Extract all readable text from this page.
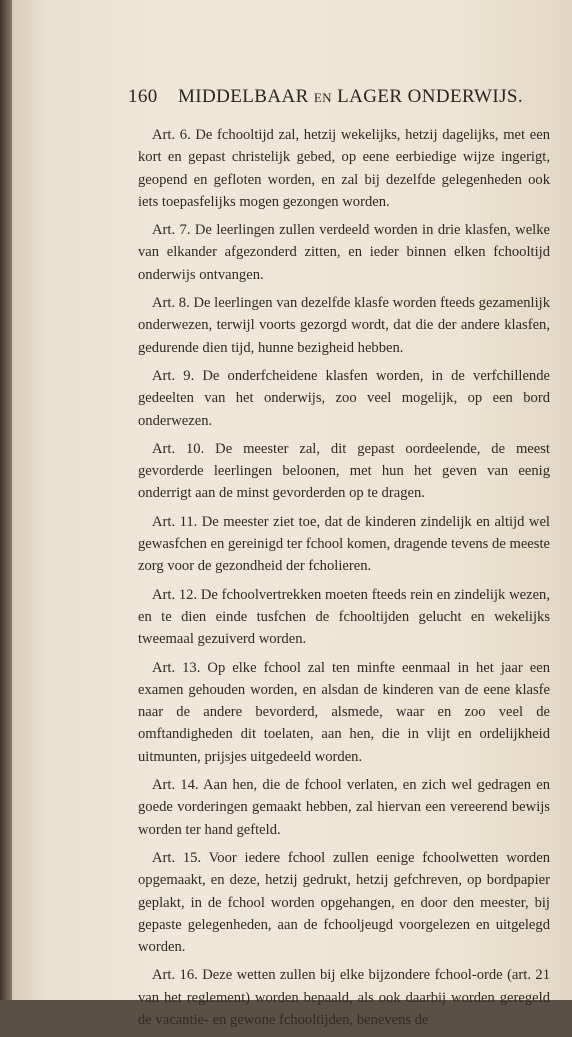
160 MIDDELBAAR EN LAGER ONDERWIJS.

Art. 6. De fchooltijd zal, hetzij wekelijks, hetzij dagelijks, met een kort en gepast christelijk gebed, op eene eerbiedige wijze ingerigt, geopend en gefloten worden, en zal bij dezelfde gelegenheden ook iets toepasfelijks mogen gezongen worden.

Art. 7. De leerlingen zullen verdeeld worden in drie klasfen, welke van elkander afgezonderd zitten, en ieder binnen elken fchooltijd onderwijs ontvangen.

Art. 8. De leerlingen van dezelfde klasfe worden fteeds gezamenlijk onderwezen, terwijl voorts gezorgd wordt, dat die der andere klasfen, gedurende dien tijd, hunne bezigheid hebben.

Art. 9. De onderfcheidene klasfen worden, in de verfchillende gedeelten van het onderwijs, zoo veel mogelijk, op een bord onderwezen.

Art. 10. De meester zal, dit gepast oordeelende, de meest gevorderde leerlingen beloonen, met hun het geven van eenig onderrigt aan de minst gevorderden op te dragen.

Art. 11. De meester ziet toe, dat de kinderen zindelijk en altijd wel gewasfchen en gereinigd ter fchool komen, dragende tevens de meeste zorg voor de gezondheid der fcholieren.

Art. 12. De fchoolvertrekken moeten fteeds rein en zindelijk wezen, en te dien einde tusfchen de fchooltijden gelucht en wekelijks tweemaal gezuiverd worden.

Art. 13. Op elke fchool zal ten minfte eenmaal in het jaar een examen gehouden worden, en alsdan de kinderen van de eene klasfe naar de andere bevorderd, alsmede, waar en zoo veel de omftandigheden dit toelaten, aan hen, die in vlijt en ordelijkheid uitmunten, prijsjes uitgedeeld worden.

Art. 14. Aan hen, die de fchool verlaten, en zich wel gedragen en goede vorderingen gemaakt hebben, zal hiervan een vereerend bewijs worden ter hand gefteld.

Art. 15. Voor iedere fchool zullen eenige fchoolwetten worden opgemaakt, en deze, hetzij gedrukt, hetzij gefchreven, op bordpapier geplakt, in de fchool worden opgehangen, en door den meester, bij gepaste gelegenheden, aan de fchooljeugd voorgelezen en uitgelegd worden.

Art. 16. Deze wetten zullen bij elke bijzondere fchool-orde (art. 21 van het reglement) worden bepaald, als ook daarbij worden geregeld de vacantie- en gewone fchooltijden, benevens de
